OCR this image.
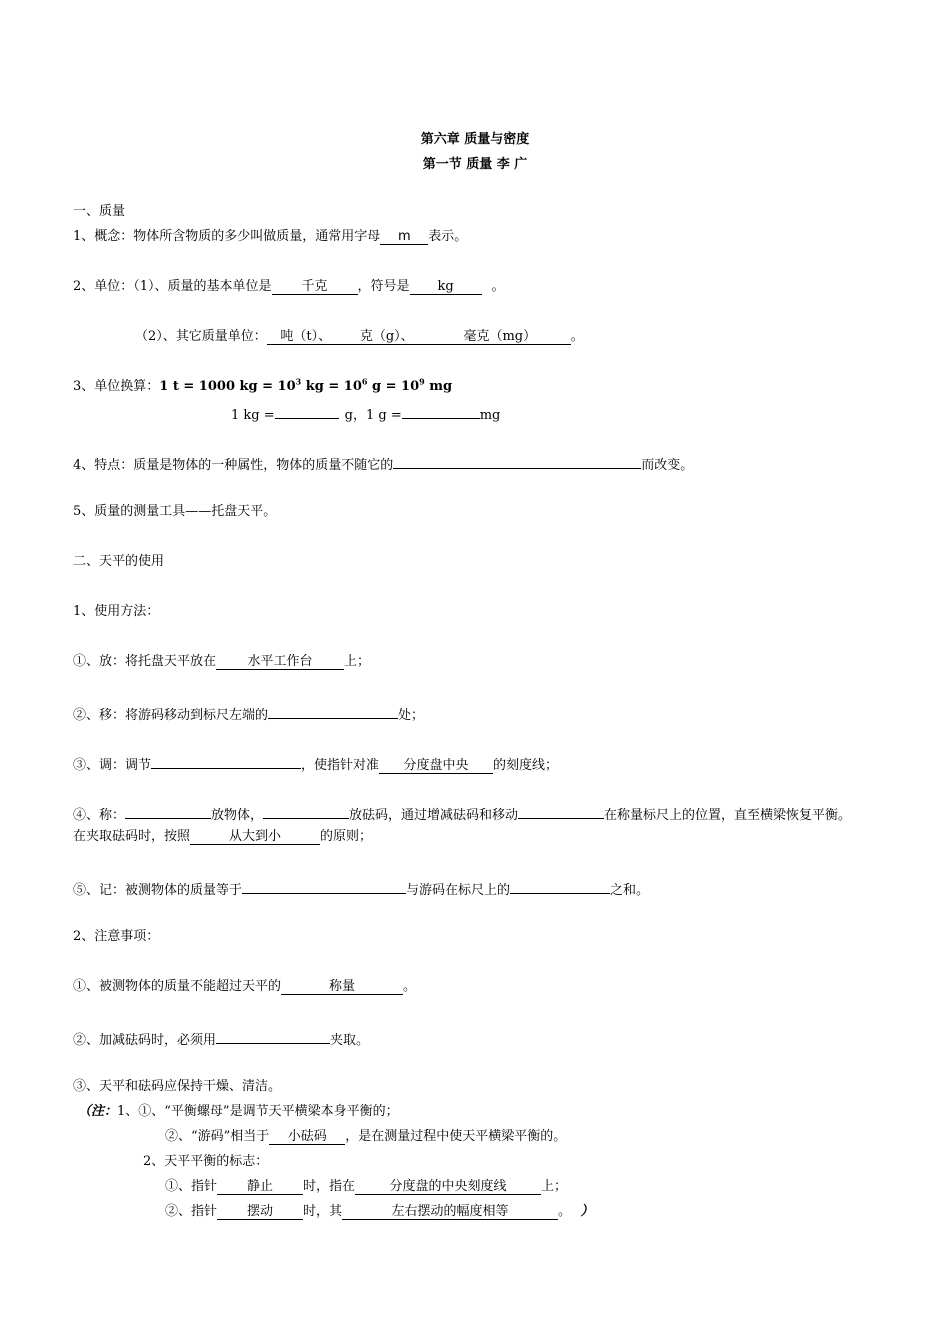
第六章 质量与密度
第一节 质量 李 广
一、质量
1、概念：物体所含物质的多少叫做质量，通常用字母 m 表示。
2、单位：（1）、质量的基本单位是 千克 ，符号是 kg	。
（2）、其它质量单位： 吨（t）、 克（g）、	毫克（mg）	。
3、单位换算：1 t = 1000 kg = $10^3$ kg = $10^6$ $g = 10^9$ mg
1 kg =	g，1 g =	mg
4、特点：质量是物体的一种属性，物体的质量不随它的	而改变。
5、质量的测量工具——托盘天平。
二、天平的使用
1、使用方法：
①、放：将托盘天平放在 水平工作台 上；
②、移：将游码移动到标尺左端的	处；
③、调：调节	，使指针对准 分度盘中央 的刻度线；
④、称：	放物体，	放砝码，通过增减砝码和移动	在称量标尺上的位置，直至横梁恢复平衡。
在夹取砝码时，按照	从大到小	的原则；
⑤、记：被测物体的质量等于	与游码在标尺上的	之和。
2、注意事项：
①、被测物体的质量不能超过天平的	称量	。
②、加减砝码时，必须用	夹取。
③、天平和砝码应保持干燥、清洁。
（注：1、①、“平衡螺母”是调节天平横梁本身平衡的；
②、“游码”相当于 小砝码 ，是在测量过程中使天平横梁平衡的。
2、天平平衡的标志：
①、指针 静止 时，指在	分度盘的中央刻度线	上；
②、指针 摆动 时，其	左右摆动的幅度相等	。 ）
